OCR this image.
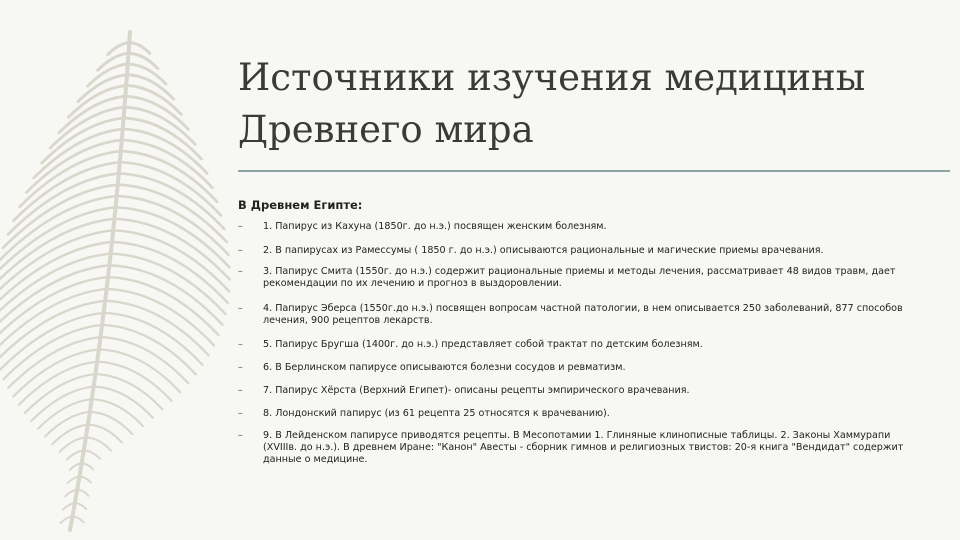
Источники изучения медицины
Древнего мира
В Древнем Египте:
– 1. Папирус из Кахуна (1850г. до н.э.) посвящен женским болезням.
– 2. В папирусах из Рамессумы ( 1850 г. до н.э.) описываются рациональные и магические приемы врачевания.
– 3. Папирус Смита (1550г. до н.э.) содержит рациональные приемы и методы лечения, рассматривает 48 видов травм, дает рекомендации по их лечению и прогноз в выздоровлении.
– 4. Папирус Эберса (1550г.до н.э.) посвящен вопросам частной патологии, в нем описывается 250 заболеваний, 877 способов лечения, 900 рецептов лекарств.
– 5. Папирус Бругша (1400г. до н.э.) представляет собой трактат по детским болезням.
– 6. В Берлинском папирусе описываются болезни сосудов и ревматизм.
– 7. Папирус Хёрста (Верхний Египет)- описаны рецепты эмпирического врачевания.
– 8. Лондонский папирус (из 61 рецепта 25 относятся к врачеванию).
– 9. В Лейденском папирусе приводятся рецепты. В Месопотамии 1. Глиняные клинописные таблицы. 2. Законы Хаммурапи (XVIIIв. до н.э.). В древнем Иране: "Канон" Авесты - сборник гимнов и религиозных твистов: 20-я книга "Вендидат" содержит данные о медицине.
